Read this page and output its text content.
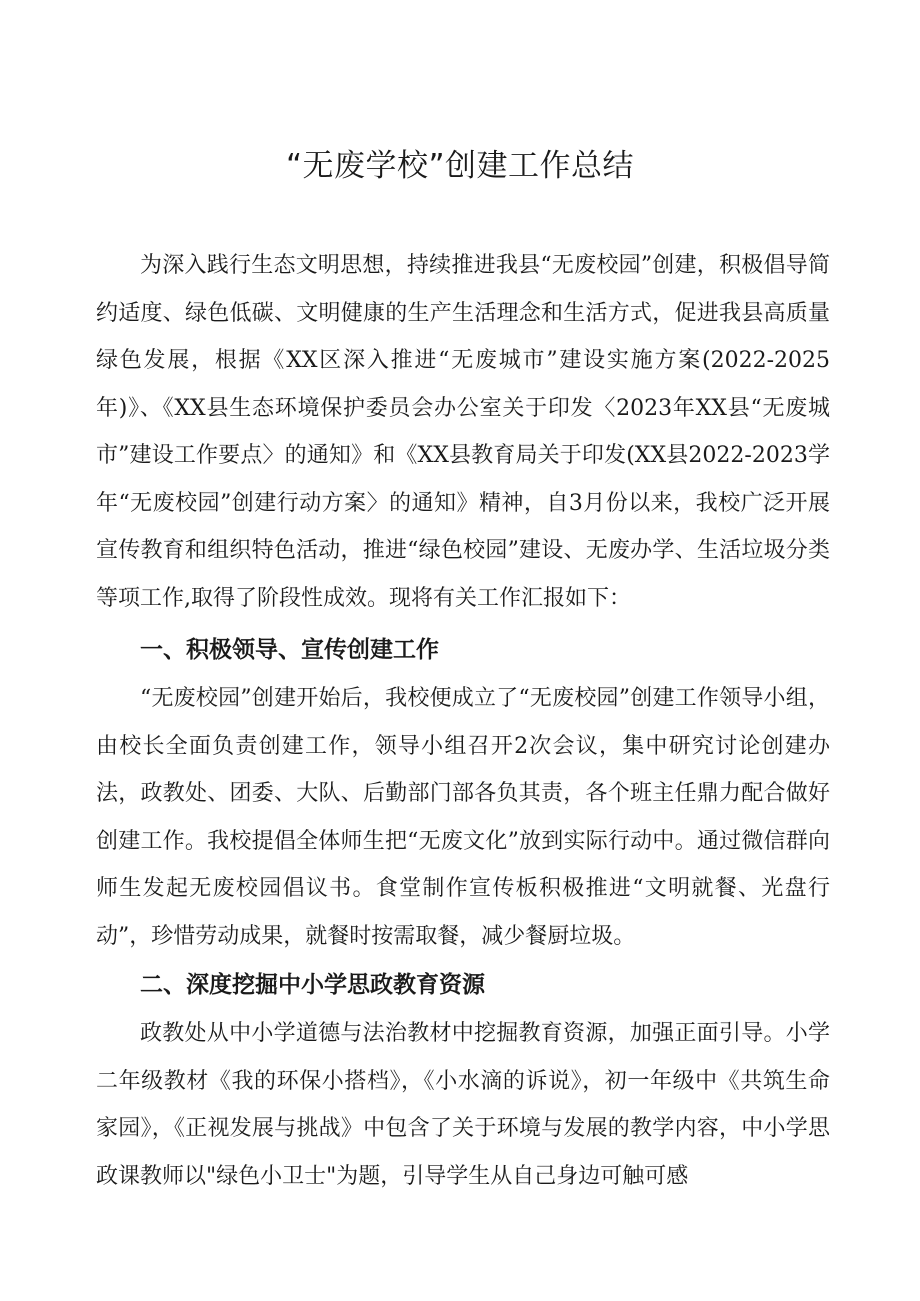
“无废学校”创建工作总结

为深入践行生态文明思想，持续推进我县“无废校园”创建，积极倡导简约适度、绿色低碳、文明健康的生产生活理念和生活方式，促进我县高质量绿色发展，根据《XX区深入推进“无废城市”建设实施方案(2022-2025年)》、《XX县生态环境保护委员会办公室关于印发〈2023年XX县“无废城市”建设工作要点〉的通知》和《XX县教育局关于印发(XX县2022-2023学年“无废校园”创建行动方案〉的通知》精神，自3月份以来，我校广泛开展宣传教育和组织特色活动，推进“绿色校园”建设、无废办学、生活垃圾分类等项工作,取得了阶段性成效。现将有关工作汇报如下：

一、积极领导、宣传创建工作

“无废校园”创建开始后，我校便成立了“无废校园”创建工作领导小组，由校长全面负责创建工作，领导小组召开2次会议，集中研究讨论创建办法，政教处、团委、大队、后勤部门部各负其责，各个班主任鼎力配合做好创建工作。我校提倡全体师生把“无废文化”放到实际行动中。通过微信群向师生发起无废校园倡议书。食堂制作宣传板积极推进“文明就餐、光盘行动”，珍惜劳动成果，就餐时按需取餐，减少餐厨垃圾。

二、深度挖掘中小学思政教育资源

政教处从中小学道德与法治教材中挖掘教育资源，加强正面引导。小学二年级教材《我的环保小搭档》，《小水滴的诉说》，初一年级中《共筑生命家园》，《正视发展与挑战》中包含了关于环境与发展的教学内容，中小学思政课教师以"绿色小卫士"为题，引导学生从自己身边可触可感
